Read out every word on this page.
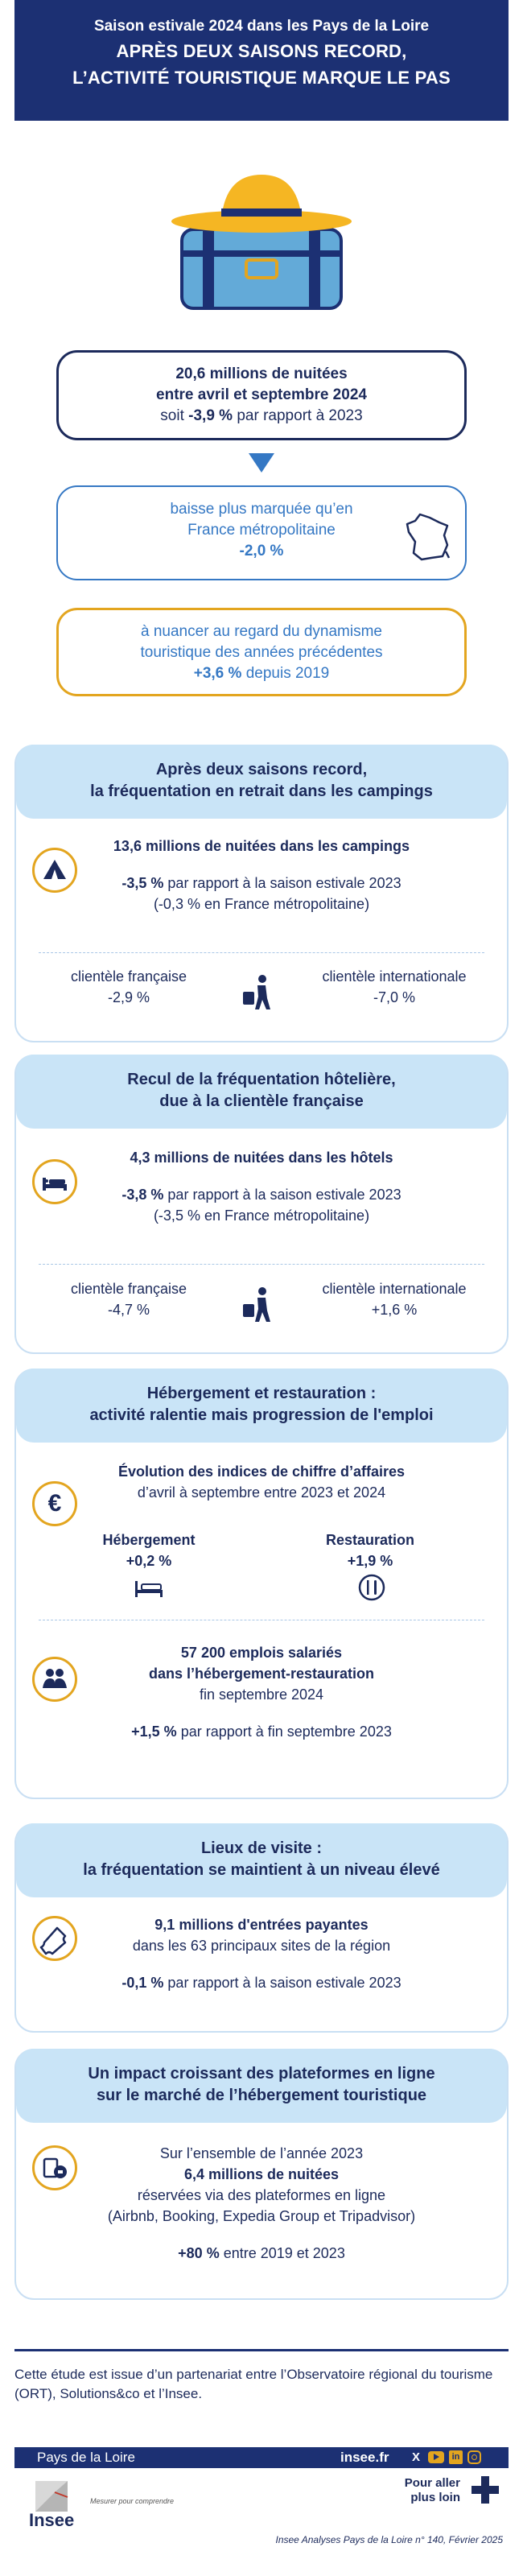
Saison estivale 2024 dans les Pays de la Loire
APRÈS DEUX SAISONS RECORD,
L’ACTIVITÉ TOURISTIQUE MARQUE LE PAS
20,6 millions de nuitées
entre avril et septembre 2024
soit -3,9 % par rapport à 2023
baisse plus marquée qu’en
France métropolitaine
-2,0 %
à nuancer au regard du dynamisme
touristique des années précédentes
+3,6 % depuis 2019
Après deux saisons record,
la fréquentation en retrait dans les campings
13,6 millions de nuitées dans les campings
-3,5 % par rapport à la saison estivale 2023
(-0,3 % en France métropolitaine)
clientèle française
-2,9 %
clientèle internationale
-7,0 %
Recul de la fréquentation hôtelière,
due à la clientèle française
4,3 millions de nuitées dans les hôtels
-3,8 % par rapport à la saison estivale 2023
(-3,5 % en France métropolitaine)
clientèle française
-4,7 %
clientèle internationale
+1,6 %
Hébergement et restauration :
activité ralentie mais progression de l'emploi
€
Évolution des indices de chiffre d’affaires
d’avril à septembre entre 2023 et 2024
Hébergement
+0,2 %
Restauration
+1,9 %
57 200 emplois salariés
dans l’hébergement-restauration
fin septembre 2024
+1,5 % par rapport à fin septembre 2023
Lieux de visite :
la fréquentation se maintient à un niveau élevé
9,1 millions d'entrées payantes
dans les 63 principaux sites de la région
-0,1 % par rapport à la saison estivale 2023
Un impact croissant des plateformes en ligne
sur le marché de l’hébergement touristique
Sur l’ensemble de l’année 2023
6,4 millions de nuitées
réservées via des plateformes en ligne
(Airbnb, Booking, Expedia Group et Tripadvisor)
+80 % entre 2019 et 2023
Cette étude est issue d’un partenariat entre l’Observatoire régional du tourisme (ORT), Solutions&co et l’Insee.
Pays de la Loire	insee.fr X	in
Insee
Mesurer pour comprendre
Pour aller
plus loin
Insee Analyses Pays de la Loire n° 140, Février 2025
